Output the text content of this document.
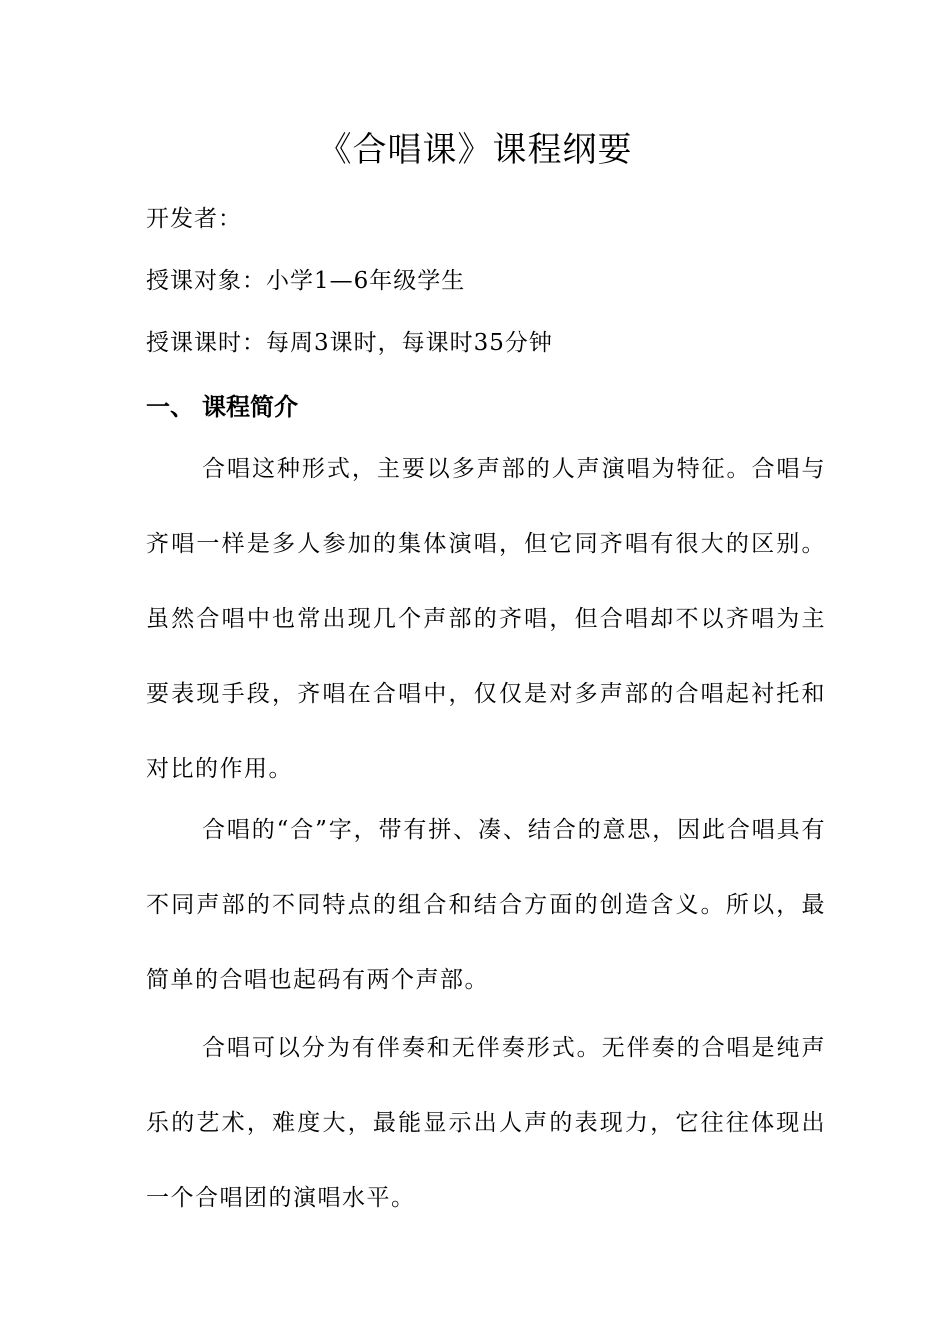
《合唱课》课程纲要
开发者：
授课对象：小学1—6年级学生
授课课时：每周3课时，每课时35分钟
一、 课程简介

合唱这种形式，主要以多声部的人声演唱为特征。合唱与齐唱一样是多人参加的集体演唱，但它同齐唱有很大的区别。虽然合唱中也常出现几个声部的齐唱，但合唱却不以齐唱为主要表现手段，齐唱在合唱中，仅仅是对多声部的合唱起衬托和对比的作用。

合唱的“合”字，带有拼、凑、结合的意思，因此合唱具有不同声部的不同特点的组合和结合方面的创造含义。所以，最简单的合唱也起码有两个声部。

合唱可以分为有伴奏和无伴奏形式。无伴奏的合唱是纯声乐的艺术，难度大，最能显示出人声的表现力，它往往体现出一个合唱团的演唱水平。
